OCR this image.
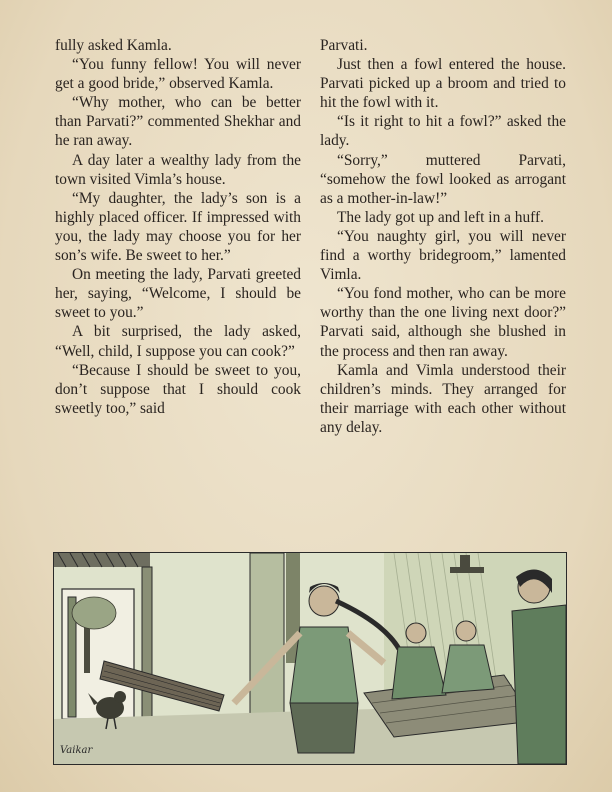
fully asked Kamla.

“You funny fellow! You will never get a good bride,” observed Kamla.

“Why mother, who can be better than Parvati?” commented Shekhar and he ran away.

A day later a wealthy lady from the town visited Vimla’s house.

“My daughter, the lady’s son is a highly placed officer. If impressed with you, the lady may choose you for her son’s wife. Be sweet to her.”

On meeting the lady, Parvati greeted her, saying, “Welcome, I should be sweet to you.”

A bit surprised, the lady asked, “Well, child, I suppose you can cook?”

“Because I should be sweet to you, don’t suppose that I should cook sweetly too,” said

Parvati.

Just then a fowl entered the house. Parvati picked up a broom and tried to hit the fowl with it.

“Is it right to hit a fowl?” asked the lady.

“Sorry,” muttered Parvati, “somehow the fowl looked as arrogant as a mother-in-law!”

The lady got up and left in a huff.

“You naughty girl, you will never find a worthy bridegroom,” lamented Vimla.

“You fond mother, who can be more worthy than the one living next door?” Parvati said, although she blushed in the process and then ran away.

Kamla and Vimla understood their children’s minds. They arranged for their marriage with each other without any delay.

Vaikar
